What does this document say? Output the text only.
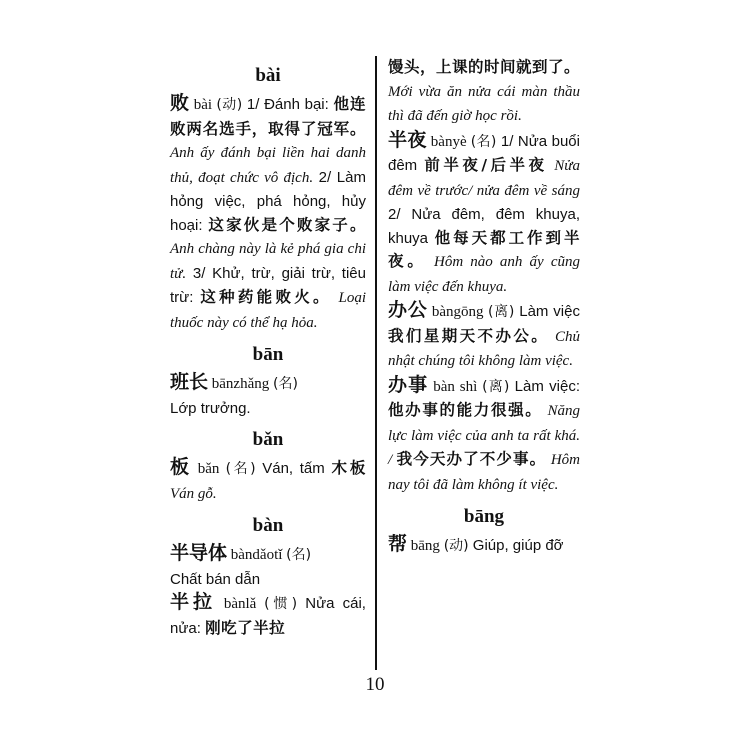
bài
败 bài (动) 1/ Đánh bại: 他连败两名选手，取得了冠军。 Anh ấy đánh bại liền hai danh thủ, đoạt chức vô địch. 2/ Làm hỏng việc, phá hỏng, hủy hoại: 这家伙是个败家子。 Anh chàng này là kẻ phá gia chi tử. 3/ Khử, trừ, giải trừ, tiêu trừ: 这种药能败火。 Loại thuốc này có thể hạ hỏa.
bān
班长 bānzhǎng (名)
Lớp trưởng.
bǎn
板 bǎn (名) Ván, tấm 木板 Ván gỗ.
bàn
半导体 bàndǎotǐ (名)
Chất bán dẫn
半拉 bànlǎ (惯) Nửa cái, nửa: 刚吃了半拉
馒头，上课的时间就到了。 Mới vừa ăn nửa cái màn thầu thì đã đến giờ học rồi.
半夜 bànyè (名) 1/ Nửa buổi đêm 前半夜/后半夜 Nửa đêm về trước/ nửa đêm về sáng 2/ Nửa đêm, đêm khuya, khuya 他每天都工作到半夜。 Hôm nào anh ấy cũng làm việc đến khuya.
办公 bàngōng (离) Làm việc 我们星期天不办公。 Chủ nhật chúng tôi không làm việc.
办事 bàn shì (离) Làm việc: 他办事的能力很强。 Năng lực làm việc của anh ta rất khá. / 我今天办了不少事。 Hôm nay tôi đã làm không ít việc.
bāng
帮 bāng (动) Giúp, giúp đỡ
10
